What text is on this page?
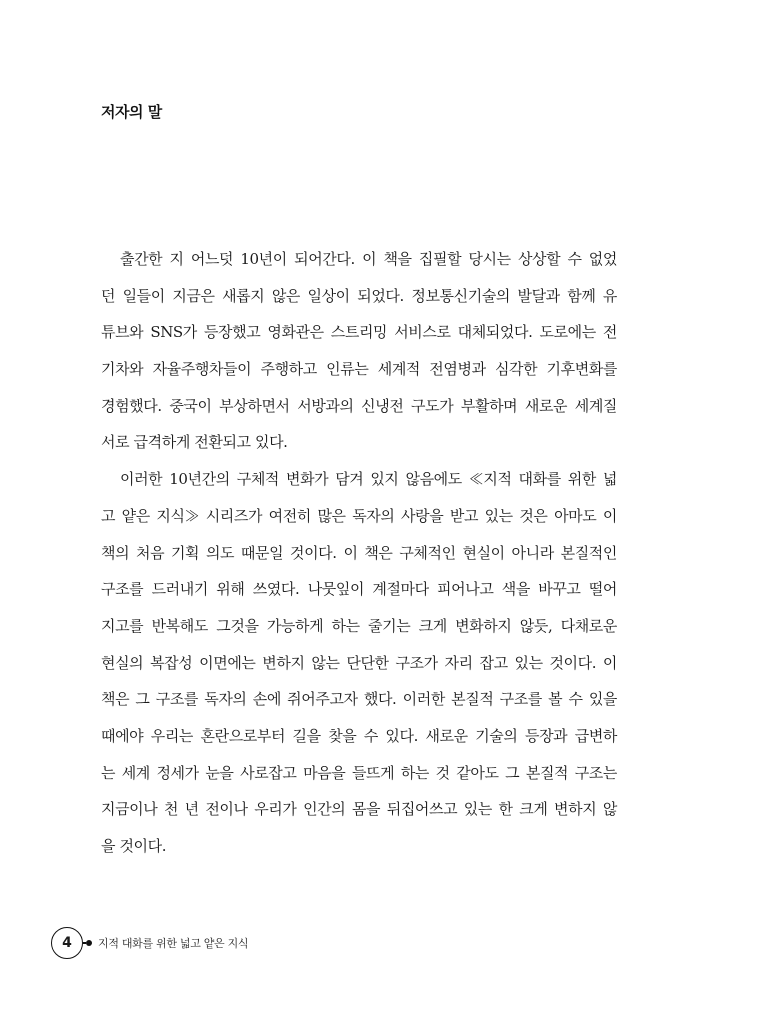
저자의 말
출간한 지 어느덧 10년이 되어간다. 이 책을 집필할 당시는 상상할 수 없었
던 일들이 지금은 새롭지 않은 일상이 되었다. 정보통신기술의 발달과 함께 유
튜브와 SNS가 등장했고 영화관은 스트리밍 서비스로 대체되었다. 도로에는 전
기차와 자율주행차들이 주행하고 인류는 세계적 전염병과 심각한 기후변화를
경험했다. 중국이 부상하면서 서방과의 신냉전 구도가 부활하며 새로운 세계질
서로 급격하게 전환되고 있다.
이러한 10년간의 구체적 변화가 담겨 있지 않음에도 ≪지적 대화를 위한 넓
고 얕은 지식≫ 시리즈가 여전히 많은 독자의 사랑을 받고 있는 것은 아마도 이
책의 처음 기획 의도 때문일 것이다. 이 책은 구체적인 현실이 아니라 본질적인
구조를 드러내기 위해 쓰였다. 나뭇잎이 계절마다 피어나고 색을 바꾸고 떨어
지고를 반복해도 그것을 가능하게 하는 줄기는 크게 변화하지 않듯, 다채로운
현실의 복잡성 이면에는 변하지 않는 단단한 구조가 자리 잡고 있는 것이다. 이
책은 그 구조를 독자의 손에 쥐어주고자 했다. 이러한 본질적 구조를 볼 수 있을
때에야 우리는 혼란으로부터 길을 찾을 수 있다. 새로운 기술의 등장과 급변하
는 세계 정세가 눈을 사로잡고 마음을 들뜨게 하는 것 같아도 그 본질적 구조는
지금이나 천 년 전이나 우리가 인간의 몸을 뒤집어쓰고 있는 한 크게 변하지 않
을 것이다.
4	지적 대화를 위한 넓고 얕은 지식
